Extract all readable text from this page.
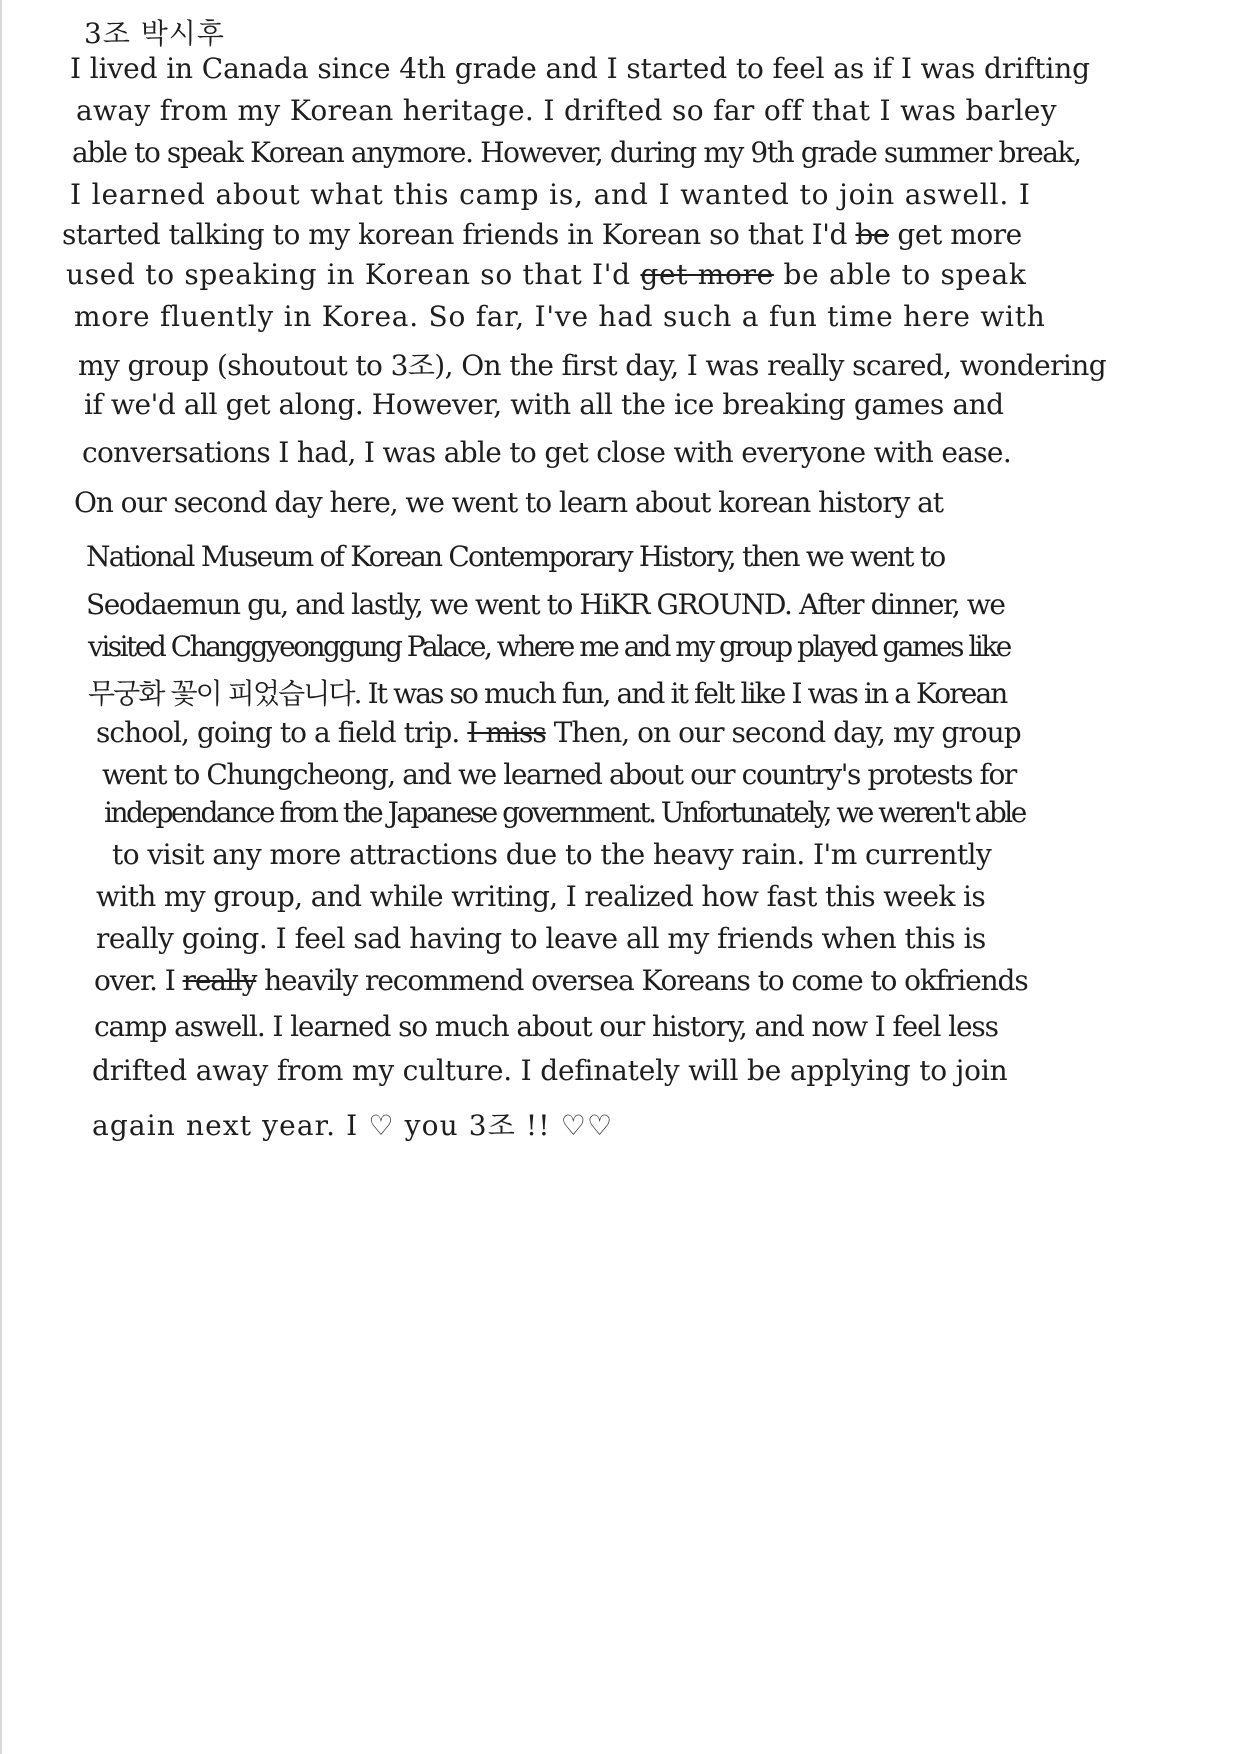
3조 박시후
I lived in Canada since 4th grade and I started to feel as if I was drifting
away from my Korean heritage. I drifted so far off that I was barley
able to speak Korean anymore. However, during my 9th grade summer break,
I learned about what this camp is, and I wanted to join aswell. I
started talking to my korean friends in Korean so that I'd be get more
used to speaking in Korean so that I'd get more be able to speak
more fluently in Korea. So far, I've had such a fun time here with
my group (shoutout to 3조), On the first day, I was really scared, wondering
if we'd all get along. However, with all the ice breaking games and
conversations I had, I was able to get close with everyone with ease.
On our second day here, we went to learn about korean history at
National Museum of Korean Contemporary History, then we went to
Seodaemun gu, and lastly, we went to HiKR GROUND. After dinner, we
visited Changgyeonggung Palace, where me and my group played games like
무궁화 꽃이 피었습니다. It was so much fun, and it felt like I was in a Korean
school, going to a field trip. I miss Then, on our second day, my group
went to Chungcheong, and we learned about our country's protests for
independance from the Japanese government. Unfortunately, we weren't able
to visit any more attractions due to the heavy rain. I'm currently
with my group, and while writing, I realized how fast this week is
really going. I feel sad having to leave all my friends when this is
over. I really heavily recommend oversea Koreans to come to okfriends
camp aswell. I learned so much about our history, and now I feel less
drifted away from my culture. I definately will be applying to join
again next year. I ♡ you 3조 !! ♡♡
